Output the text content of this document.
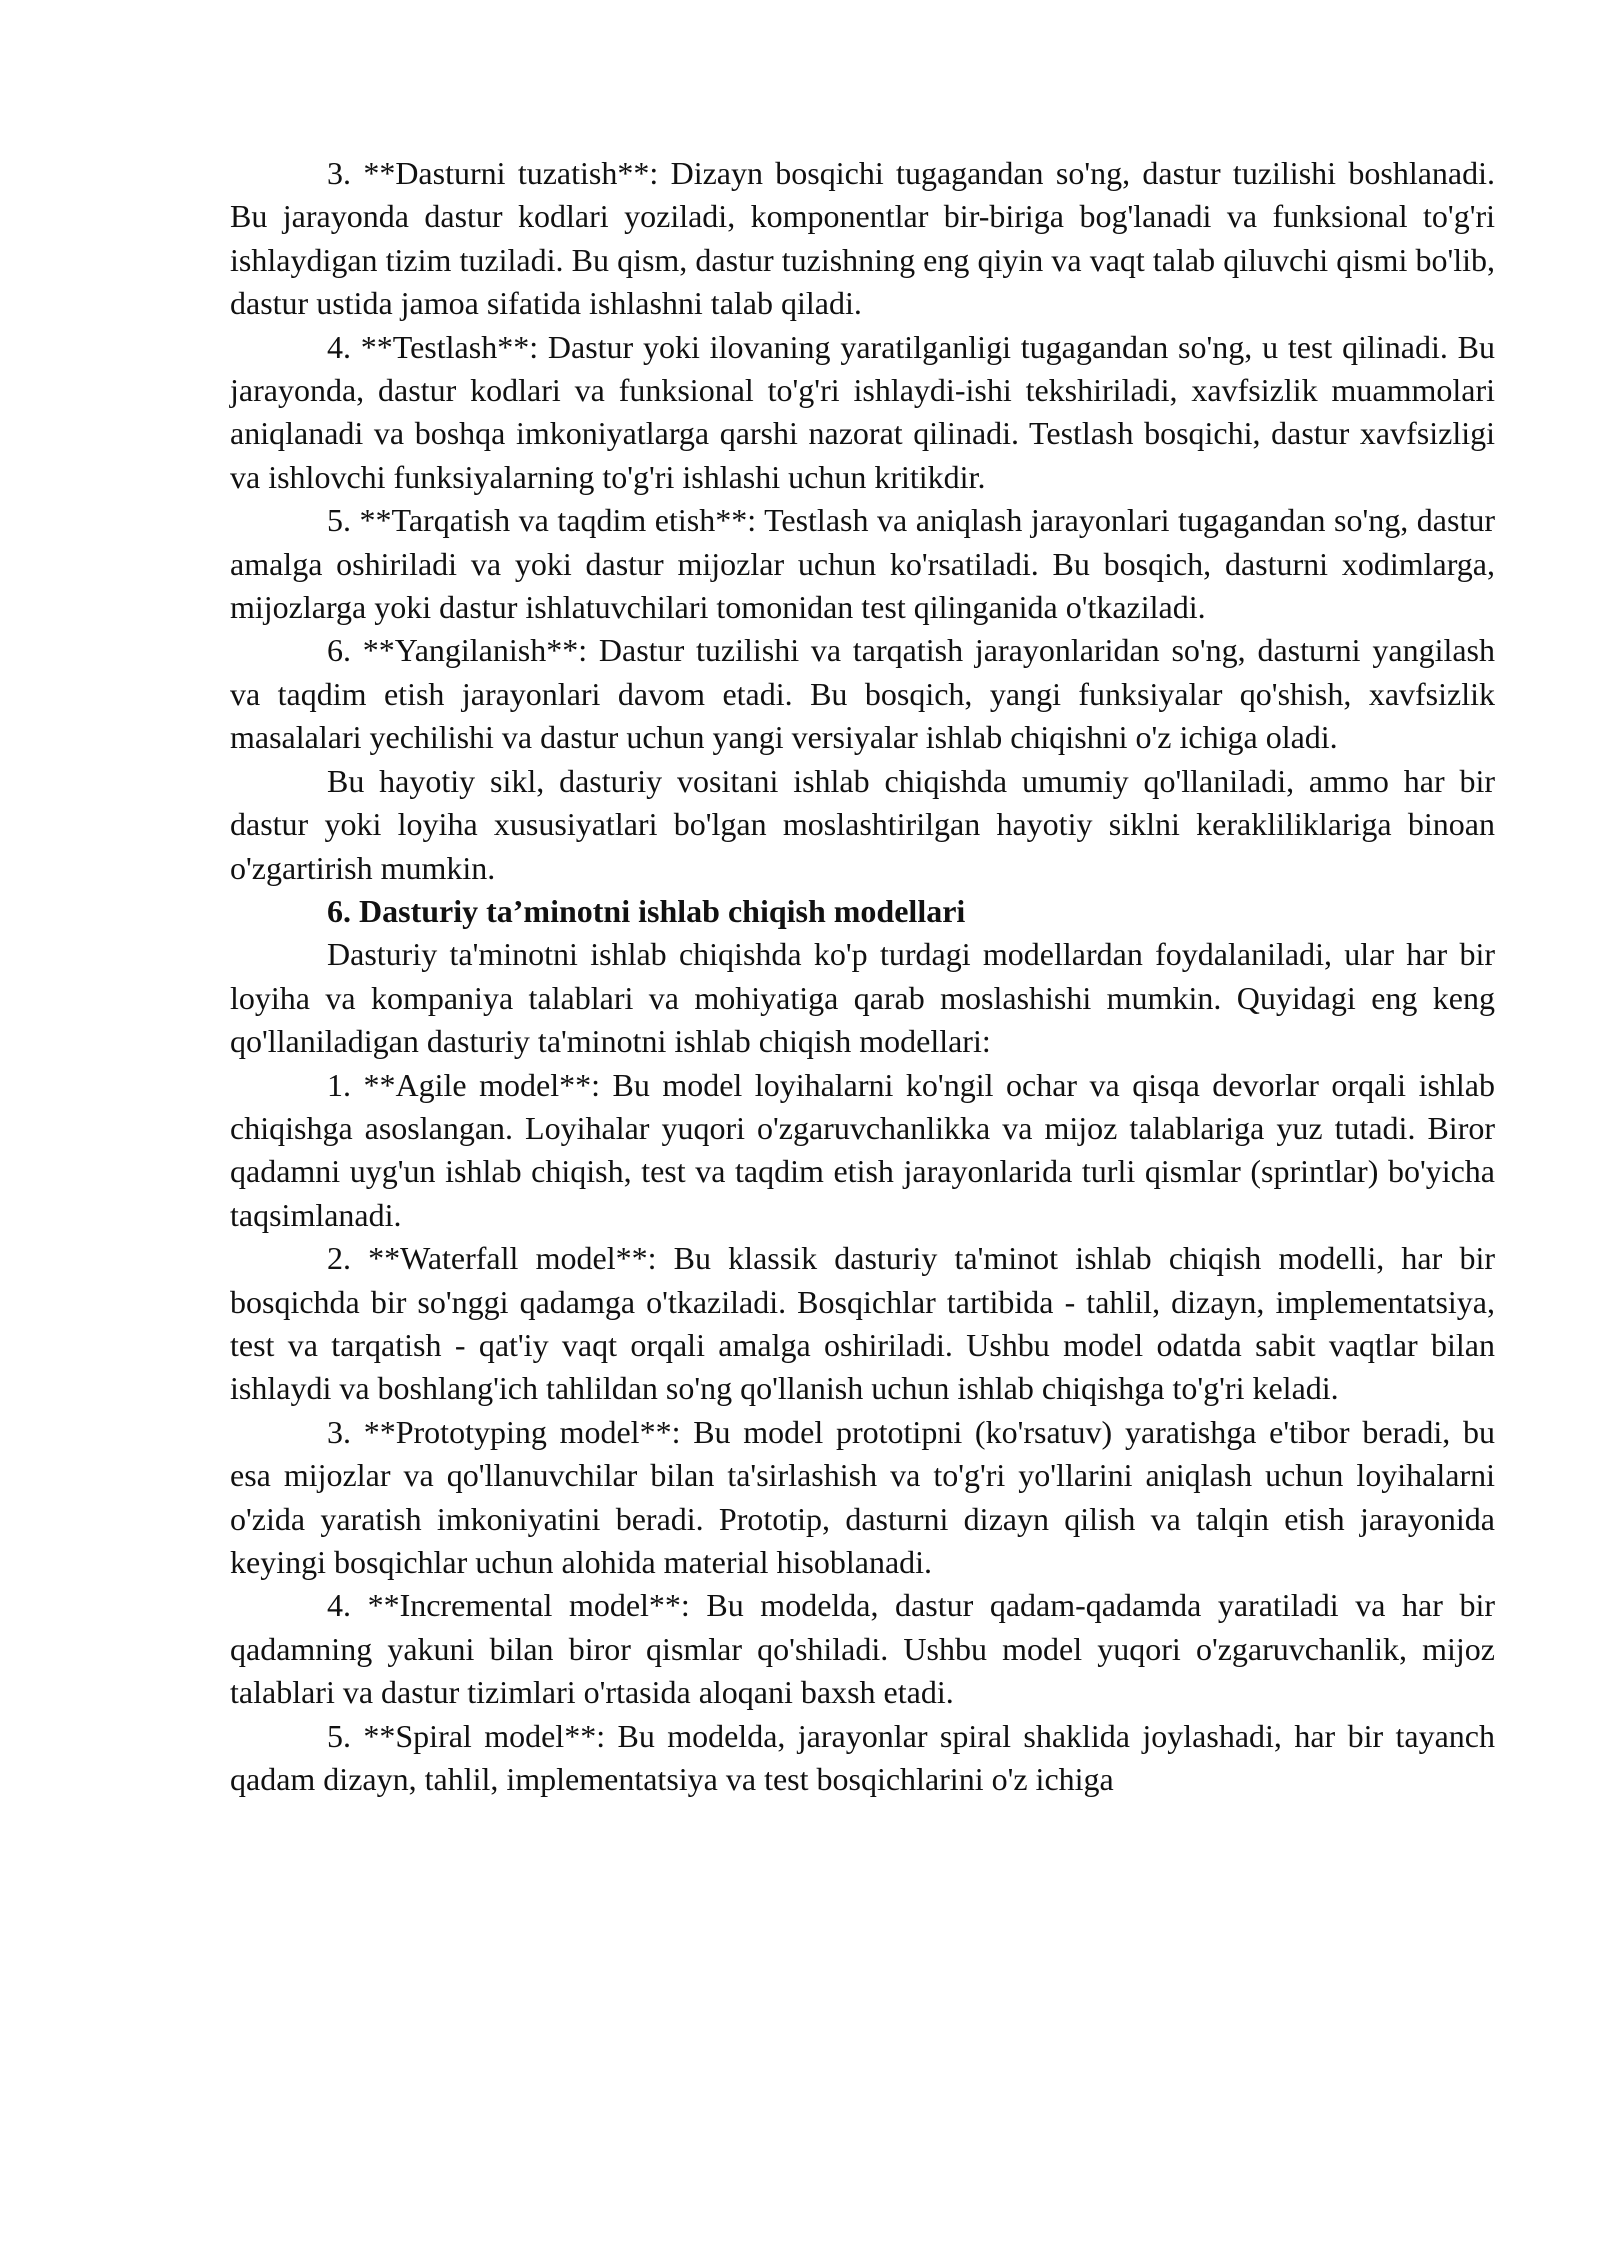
3. **Dasturni tuzatish**: Dizayn bosqichi tugagandan so'ng, dastur tuzilishi boshlanadi. Bu jarayonda dastur kodlari yoziladi, komponentlar bir-biriga bog'lanadi va funksional to'g'ri ishlaydigan tizim tuziladi. Bu qism, dastur tuzishning eng qiyin va vaqt talab qiluvchi qismi bo'lib, dastur ustida jamoa sifatida ishlashni talab qiladi.

4. **Testlash**: Dastur yoki ilovaning yaratilganligi tugagandan so'ng, u test qilinadi. Bu jarayonda, dastur kodlari va funksional to'g'ri ishlaydi-ishi tekshiriladi, xavfsizlik muammolari aniqlanadi va boshqa imkoniyatlarga qarshi nazorat qilinadi. Testlash bosqichi, dastur xavfsizligi va ishlovchi funksiyalarning to'g'ri ishlashi uchun kritikdir.

5. **Tarqatish va taqdim etish**: Testlash va aniqlash jarayonlari tugagandan so'ng, dastur amalga oshiriladi va yoki dastur mijozlar uchun ko'rsatiladi. Bu bosqich, dasturni xodimlarga, mijozlarga yoki dastur ishlatuvchilari tomonidan test qilinganida o'tkaziladi.

6. **Yangilanish**: Dastur tuzilishi va tarqatish jarayonlaridan so'ng, dasturni yangilash va taqdim etish jarayonlari davom etadi. Bu bosqich, yangi funksiyalar qo'shish, xavfsizlik masalalari yechilishi va dastur uchun yangi versiyalar ishlab chiqishni o'z ichiga oladi.

Bu hayotiy sikl, dasturiy vositani ishlab chiqishda umumiy qo'llaniladi, ammo har bir dastur yoki loyiha xususiyatlari bo'lgan moslashtirilgan hayotiy siklni kerakliliklariga binoan o'zgartirish mumkin.

6. Dasturiy ta’minotni ishlab chiqish modellari

Dasturiy ta'minotni ishlab chiqishda ko'p turdagi modellardan foydalaniladi, ular har bir loyiha va kompaniya talablari va mohiyatiga qarab moslashishi mumkin. Quyidagi eng keng qo'llaniladigan dasturiy ta'minotni ishlab chiqish modellari:

1. **Agile model**: Bu model loyihalarni ko'ngil ochar va qisqa devorlar orqali ishlab chiqishga asoslangan. Loyihalar yuqori o'zgaruvchanlikka va mijoz talablariga yuz tutadi. Biror qadamni uyg'un ishlab chiqish, test va taqdim etish jarayonlarida turli qismlar (sprintlar) bo'yicha taqsimlanadi.

2. **Waterfall model**: Bu klassik dasturiy ta'minot ishlab chiqish modelli, har bir bosqichda bir so'nggi qadamga o'tkaziladi. Bosqichlar tartibida - tahlil, dizayn, implementatsiya, test va tarqatish - qat'iy vaqt orqali amalga oshiriladi. Ushbu model odatda sabit vaqtlar bilan ishlaydi va boshlang'ich tahlildan so'ng qo'llanish uchun ishlab chiqishga to'g'ri keladi.

3. **Prototyping model**: Bu model prototipni (ko'rsatuv) yaratishga e'tibor beradi, bu esa mijozlar va qo'llanuvchilar bilan ta'sirlashish va to'g'ri yo'llarini aniqlash uchun loyihalarni o'zida yaratish imkoniyatini beradi. Prototip, dasturni dizayn qilish va talqin etish jarayonida keyingi bosqichlar uchun alohida material hisoblanadi.

4. **Incremental model**: Bu modelda, dastur qadam-qadamda yaratiladi va har bir qadamning yakuni bilan biror qismlar qo'shiladi. Ushbu model yuqori o'zgaruvchanlik, mijoz talablari va dastur tizimlari o'rtasida aloqani baxsh etadi.

5. **Spiral model**: Bu modelda, jarayonlar spiral shaklida joylashadi, har bir tayanch qadam dizayn, tahlil, implementatsiya va test bosqichlarini o'z ichiga
